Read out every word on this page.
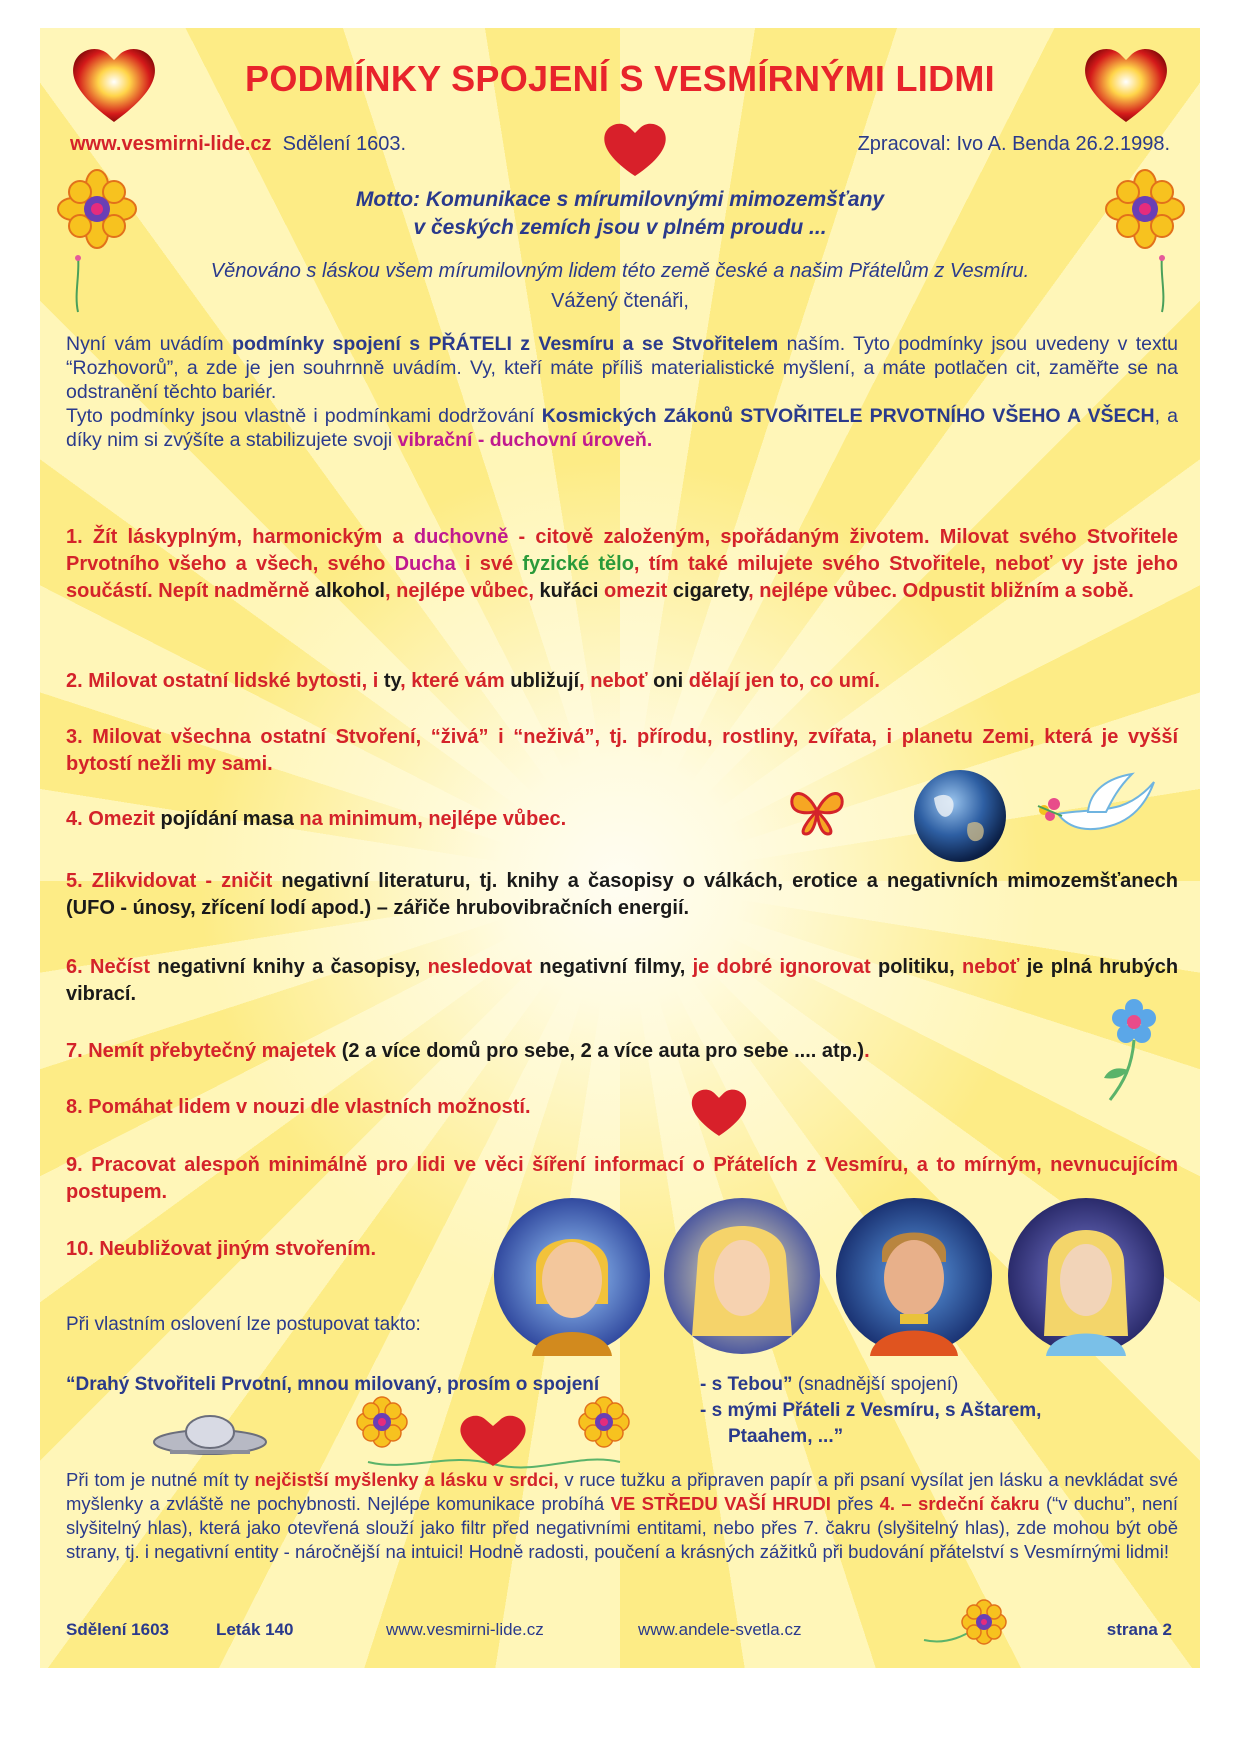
PODMÍNKY SPOJENÍ S VESMÍRNÝMI LIDMI
www.vesmirni-lide.cz Sdělení 1603.	Zpracoval: Ivo A. Benda 26.2.1998.
Motto: Komunikace s mírumilovnými mimozemšťany
v českých zemích jsou v plném proudu ...
Věnováno s láskou všem mírumilovným lidem této země české a našim Přátelům z Vesmíru.
Vážený čtenáři,
Nyní vám uvádím podmínky spojení s PŘÁTELI z Vesmíru a se Stvořitelem naším. Tyto podmínky jsou uvedeny v textu “Rozhovorů”, a zde je jen souhrnně uvádím. Vy, kteří máte příliš materialistické myšlení, a máte potlačen cit, zaměřte se na odstranění těchto bariér.
Tyto podmínky jsou vlastně i podmínkami dodržování Kosmických Zákonů STVOŘITELE PRVOTNÍHO VŠEHO A VŠECH, a díky nim si zvýšíte a stabilizujete svoji vibrační - duchovní úroveň.
1. Žít láskyplným, harmonickým a duchovně - citově založeným, spořádaným životem. Milovat svého Stvořitele Prvotního všeho a všech, svého Ducha i své fyzické tělo, tím také milujete svého Stvořitele, neboť vy jste jeho součástí. Nepít nadměrně alkohol, nejlépe vůbec, kuřáci omezit cigarety, nejlépe vůbec. Odpustit bližním a sobě.
2. Milovat ostatní lidské bytosti, i ty, které vám ubližují, neboť oni dělají jen to, co umí.
3. Milovat všechna ostatní Stvoření, “živá” i “neživá”, tj. přírodu, rostliny, zvířata, i planetu Zemi, která je vyšší bytostí nežli my sami.
4. Omezit pojídání masa na minimum, nejlépe vůbec.
5. Zlikvidovat - zničit negativní literaturu, tj. knihy a časopisy o válkách, erotice a negativních mimozemšťanech (UFO - únosy, zřícení lodí apod.) – zářiče hrubovibračních energií.
6. Nečíst negativní knihy a časopisy, nesledovat negativní filmy, je dobré ignorovat politiku, neboť je plná hrubých vibrací.
7. Nemít přebytečný majetek (2 a více domů pro sebe, 2 a více auta pro sebe .... atp.).
8. Pomáhat lidem v nouzi dle vlastních možností.
9. Pracovat alespoň minimálně pro lidi ve věci šíření informací o Přátelích z Vesmíru, a to mírným, nevnucujícím postupem.
10. Neubližovat jiným stvořením.
Při vlastním oslovení lze postupovat takto:
“Drahý Stvořiteli Prvotní, mnou milovaný, prosím o spojení	- s Tebou” (snadnější spojení)
- s mými Přáteli z Vesmíru, s Aštarem,
Ptaahem, ...”
Při tom je nutné mít ty nejčistší myšlenky a lásku v srdci, v ruce tužku a připraven papír a při psaní vysílat jen lásku a nevkládat své myšlenky a zvláště ne pochybnosti. Nejlépe komunikace probíhá VE STŘEDU VAŠÍ HRUDI přes 4. – srdeční čakru (“v duchu”, není slyšitelný hlas), která jako otevřená slouží jako filtr před negativními entitami, nebo přes 7. čakru (slyšitelný hlas), zde mohou být obě strany, tj. i negativní entity - náročnější na intuici! Hodně radosti, poučení a krásných zážitků při budování přátelství s Vesmírnými lidmi!
Sdělení 1603	Leták 140	www.vesmirni-lide.cz	www.andele-svetla.cz	strana 2
